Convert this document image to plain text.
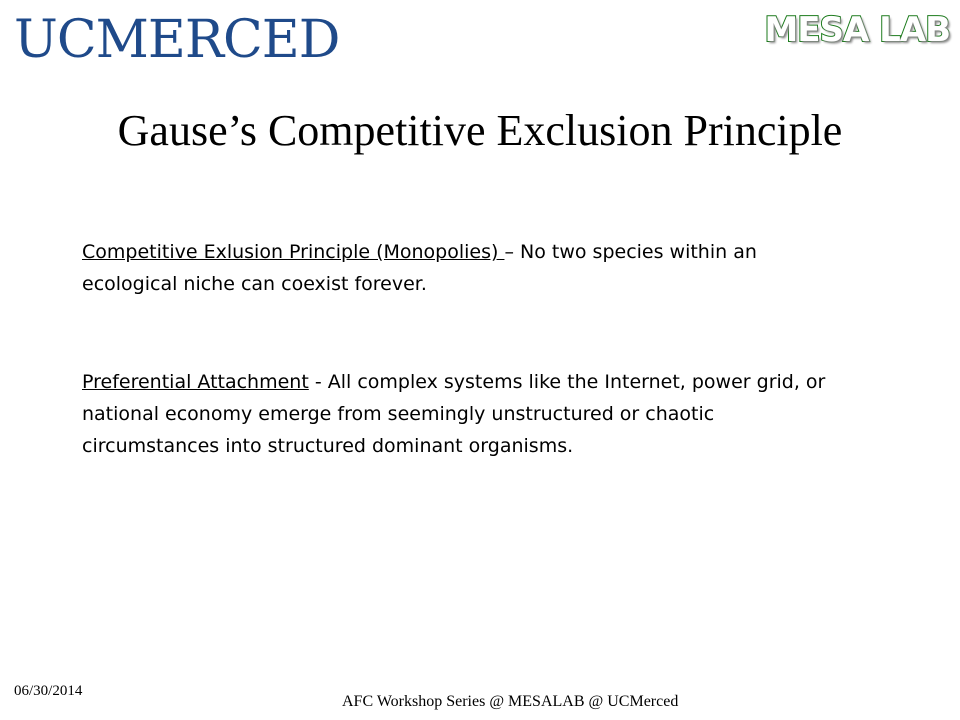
UCMERCED	MESA LAB
Gause’s Competitive Exclusion Principle
Competitive Exlusion Principle (Monopolies) – No two species within an ecological niche can coexist forever.
Preferential Attachment - All complex systems like the Internet, power grid, or national economy emerge from seemingly unstructured or chaotic circumstances into structured dominant organisms.
06/30/2014
AFC Workshop Series @ MESALAB @ UCMerced
